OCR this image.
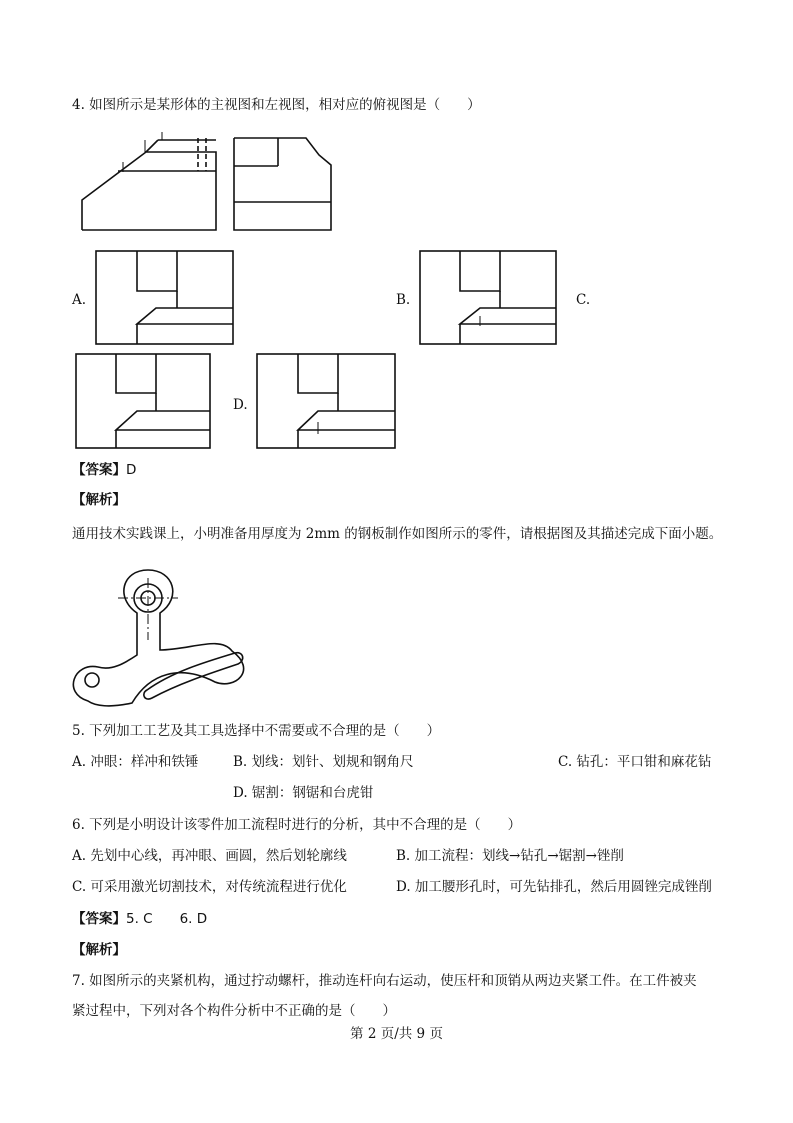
4. 如图所示是某形体的主视图和左视图，相对应的俯视图是（　　）
A.	B.	C.
D.
【答案】D
【解析】
通用技术实践课上，小明准备用厚度为 2mm 的钢板制作如图所示的零件，请根据图及其描述完成下面小题。
5. 下列加工工艺及其工具选择中不需要或不合理的是（　　）
A. 冲眼：样冲和铁锤	B. 划线：划针、划规和钢角尺	C. 钻孔：平口钳和麻花钻
D. 锯割：钢锯和台虎钳
6. 下列是小明设计该零件加工流程时进行的分析，其中不合理的是（　　）
A. 先划中心线，再冲眼、画圆，然后划轮廓线	B. 加工流程：划线→钻孔→锯割→锉削
C. 可采用激光切割技术，对传统流程进行优化	D. 加工腰形孔时，可先钻排孔，然后用圆锉完成锉削
【答案】5. C　　6. D
【解析】
7. 如图所示的夹紧机构，通过拧动螺杆，推动连杆向右运动，使压杆和顶销从两边夹紧工件。在工件被夹
紧过程中，下列对各个构件分析中不正确的是（　　）
第 2 页/共 9 页
